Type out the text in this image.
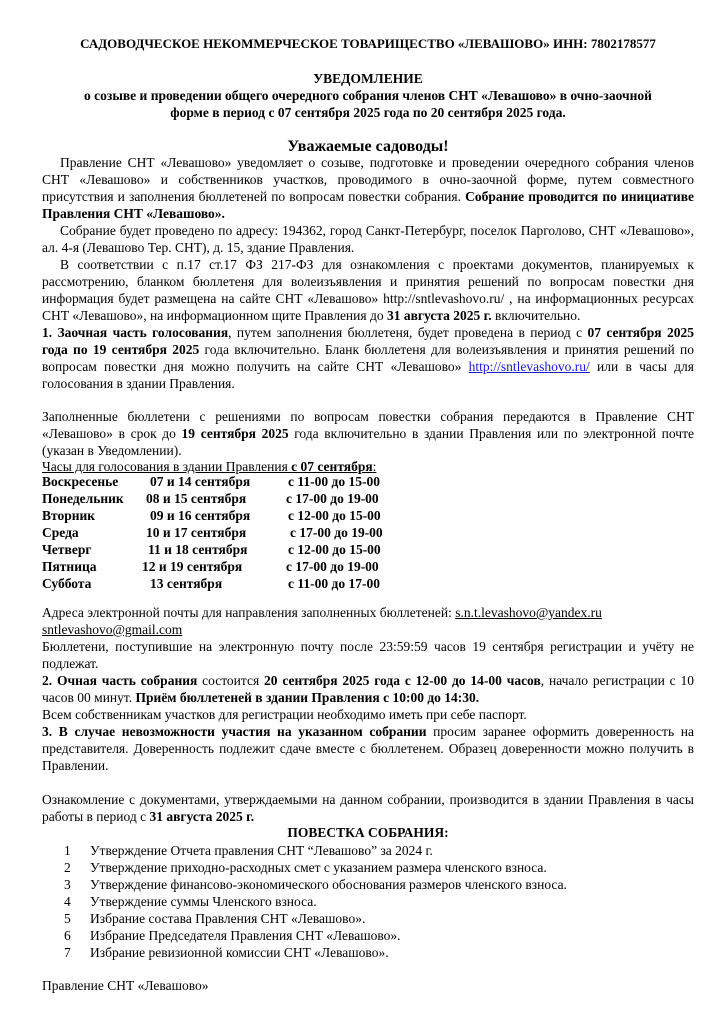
САДОВОДЧЕСКОЕ НЕКОММЕРЧЕСКОЕ ТОВАРИЩЕСТВО «ЛЕВАШОВО» ИНН: 7802178577
УВЕДОМЛЕНИЕ
о созыве и проведении общего очередного собрания членов СНТ «Левашово» в очно-заочной
форме в период с 07 сентября 2025 года по 20 сентября 2025 года.
Уважаемые садоводы!
Правление СНТ «Левашово» уведомляет о созыве, подготовке и проведении очередного собрания членов СНТ «Левашово» и собственников участков, проводимого в очно-заочной форме, путем совместного присутствия и заполнения бюллетеней по вопросам повестки собрания. Собрание проводится по инициативе Правления СНТ «Левашово».
Собрание будет проведено по адресу: 194362, город Санкт-Петербург, поселок Парголово, СНТ «Левашово», ал. 4-я (Левашово Тер. СНТ), д. 15, здание Правления.
В соответствии с п.17 ст.17 ФЗ 217-ФЗ для ознакомления с проектами документов, планируемых к рассмотрению, бланком бюллетеня для волеизъявления и принятия решений по вопросам повестки дня информация будет размещена на сайте СНТ «Левашово» http://sntlevashovo.ru/ , на информационных ресурсах СНТ «Левашово», на информационном щите Правления до 31 августа 2025 г. включительно.
1. Заочная часть голосования, путем заполнения бюллетеня, будет проведена в период с 07 сентября 2025 года по 19 сентября 2025 года включительно. Бланк бюллетеня для волеизъявления и принятия решений по вопросам повестки дня можно получить на сайте СНТ «Левашово» http://sntlevashovo.ru/ или в часы для голосования в здании Правления.
Заполненные бюллетени с решениями по вопросам повестки собрания передаются в Правление СНТ «Левашово» в срок до 19 сентября 2025 года включительно в здании Правления или по электронной почте (указан в Уведомлении).
Часы для голосования в здании Правления с 07 сентября:
Воскресенье 07 и 14 сентября	с 11-00 до 15-00
Понедельник 08 и 15 сентября	с 17-00 до 19-00
Вторник	09 и 16 сентября	с 12-00 до 15-00
Среда	10 и 17 сентября	с 17-00 до 19-00
Четверг	11 и 18 сентября	с 12-00 до 15-00
Пятница	12 и 19 сентября	с 17-00 до 19-00
Суббота	13 сентября	с 11-00 до 17-00
Адреса электронной почты для направления заполненных бюллетеней: s.n.t.levashovo@yandex.ru
sntlevashovo@gmail.com
Бюллетени, поступившие на электронную почту после 23:59:59 часов 19 сентября регистрации и учёту не подлежат.
2. Очная часть собрания состоится 20 сентября 2025 года с 12-00 до 14-00 часов, начало регистрации с 10 часов 00 минут. Приём бюллетеней в здании Правления с 10:00 до 14:30.
Всем собственникам участков для регистрации необходимо иметь при себе паспорт.
3. В случае невозможности участия на указанном собрании просим заранее оформить доверенность на представителя. Доверенность подлежит сдаче вместе с бюллетенем. Образец доверенности можно получить в Правлении.
Ознакомление с документами, утверждаемыми на данном собрании, производится в здании Правления в часы работы в период с 31 августа 2025 г.
ПОВЕСТКА СОБРАНИЯ:
1 Утверждение Отчета правления СНТ “Левашово” за 2024 г.
2 Утверждение приходно-расходных смет с указанием размера членского взноса.
3 Утверждение финансово-экономического обоснования размеров членского взноса.
4 Утверждение суммы Членского взноса.
5 Избрание состава Правления СНТ «Левашово».
6 Избрание Председателя Правления СНТ «Левашово».
7 Избрание ревизионной комиссии СНТ «Левашово».
Правление СНТ «Левашово»
